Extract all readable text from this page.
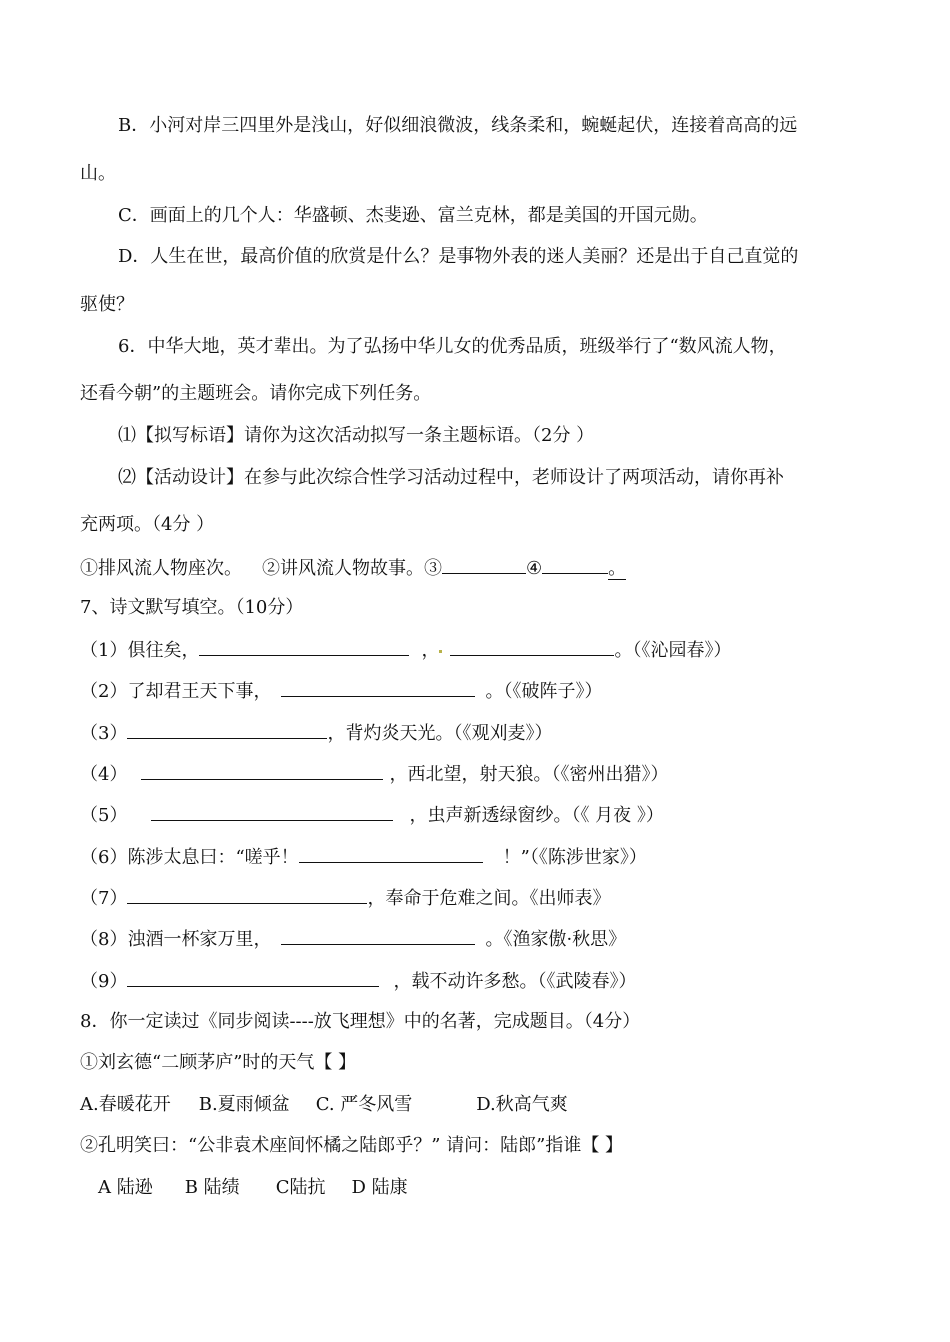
B．小河对岸三四里外是浅山，好似细浪微波，线条柔和，蜿蜒起伏，连接着高高的远
山。
C．画面上的几个人：华盛顿、杰斐逊、富兰克林，都是美国的开国元勋。
D．人生在世，最高价值的欣赏是什么？是事物外表的迷人美丽？还是出于自己直觉的
驱使？
6．中华大地，英才辈出。为了弘扬中华儿女的优秀品质，班级举行了“数风流人物，
还看今朝”的主题班会。请你完成下列任务。
⑴【拟写标语】请你为这次活动拟写一条主题标语。（2分 ）
⑵【活动设计】在参与此次综合性学习活动过程中，老师设计了两项活动，请你再补
充两项。（4分 ）
①排风流人物座次。 ②讲风流人物故事。③	④	。
7、诗文默写填空。（10分）
（1）俱往矣，	，	。（《沁园春》）
（2）了却君王天下事，	。（《破阵子》）
（3）	，背灼炎天光。（《观刈麦》）
（4）	，西北望，射天狼。（《密州出猎》）
（5）	，虫声新透绿窗纱。（《 月夜 》）
（6）陈涉太息曰：“嗟乎！	！”（《陈涉世家》）
（7）	，奉命于危难之间。《出师表》
（8）浊酒一杯家万里，	。《渔家傲·秋思》
（9）	，载不动许多愁。（《武陵春》）
8．你一定读过《同步阅读----放飞理想》中的名著，完成题目。（4分）
①刘玄德“二顾茅庐”时的天气【 】
A.春暖花开 B.夏雨倾盆 C. 严冬风雪	D.秋高气爽
②孔明笑曰：“公非袁术座间怀橘之陆郎乎？” 请问：陆郎”指谁【 】
A 陆逊 B 陆绩 C陆抗 D 陆康
